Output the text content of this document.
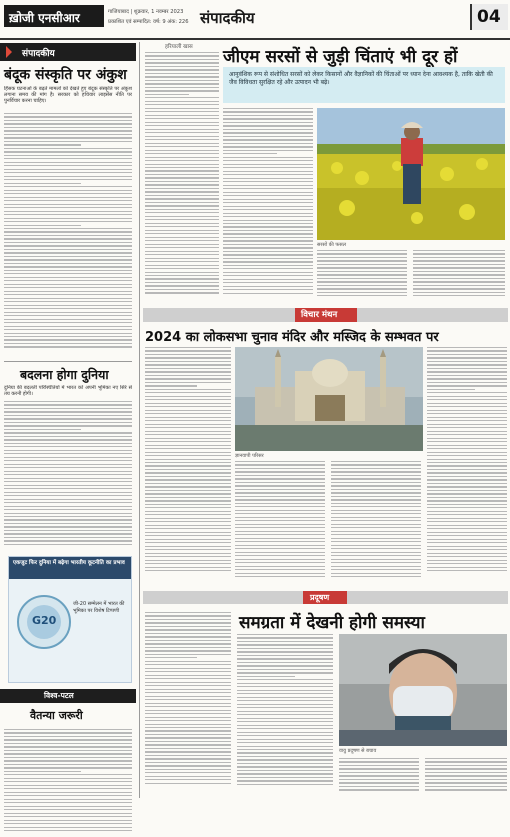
ख़ोजी एनसीआर	गाजियाबाद | शुक्रवार, 1 नवम्बर 2023
प्रकाशित एवं सम्पादित: वर्ष: 9 अंक: 226 संपादकीय	04
संपादकीय
बंदूक संस्कृति पर अंकुश
हिंसक घटनाओं के बढ़ते मामलों को देखते हुए बंदूक संस्कृति पर अंकुश लगाना समय की मांग है। सरकार को हथियार लाइसेंस नीति पर पुनर्विचार करना चाहिए।
बदलना होगा दुनिया
दुनिया की बदलती परिस्थितियों में भारत को अपनी भूमिका नए सिरे से तय करनी होगी।
एकजुट फिर दुनिया में बढ़ेगा भारतीय कूटनीति का प्रभाव
G20
जी-20 सम्मेलन में भारत की भूमिका पर विशेष टिप्पणी
विश्व-पटल
वैतन्या जरूरी
हरियाली खास जीएम सरसों से जुड़ी चिंताएं भी दूर हों
आनुवंशिक रूप से संशोधित सरसों को लेकर किसानों और वैज्ञानिकों की चिंताओं पर ध्यान देना आवश्यक है, ताकि खेती की जैव विविधता सुरक्षित रहे और उत्पादन भी बढ़े।
सरसों की फसल
विचार मंथन
2024 का लोकसभा चुनाव मंदिर और मस्जिद के सम्भवत पर
ज्ञानवापी परिसर
प्रदूषण
समग्रता में देखनी होगी समस्या
वायु प्रदूषण से बचाव
